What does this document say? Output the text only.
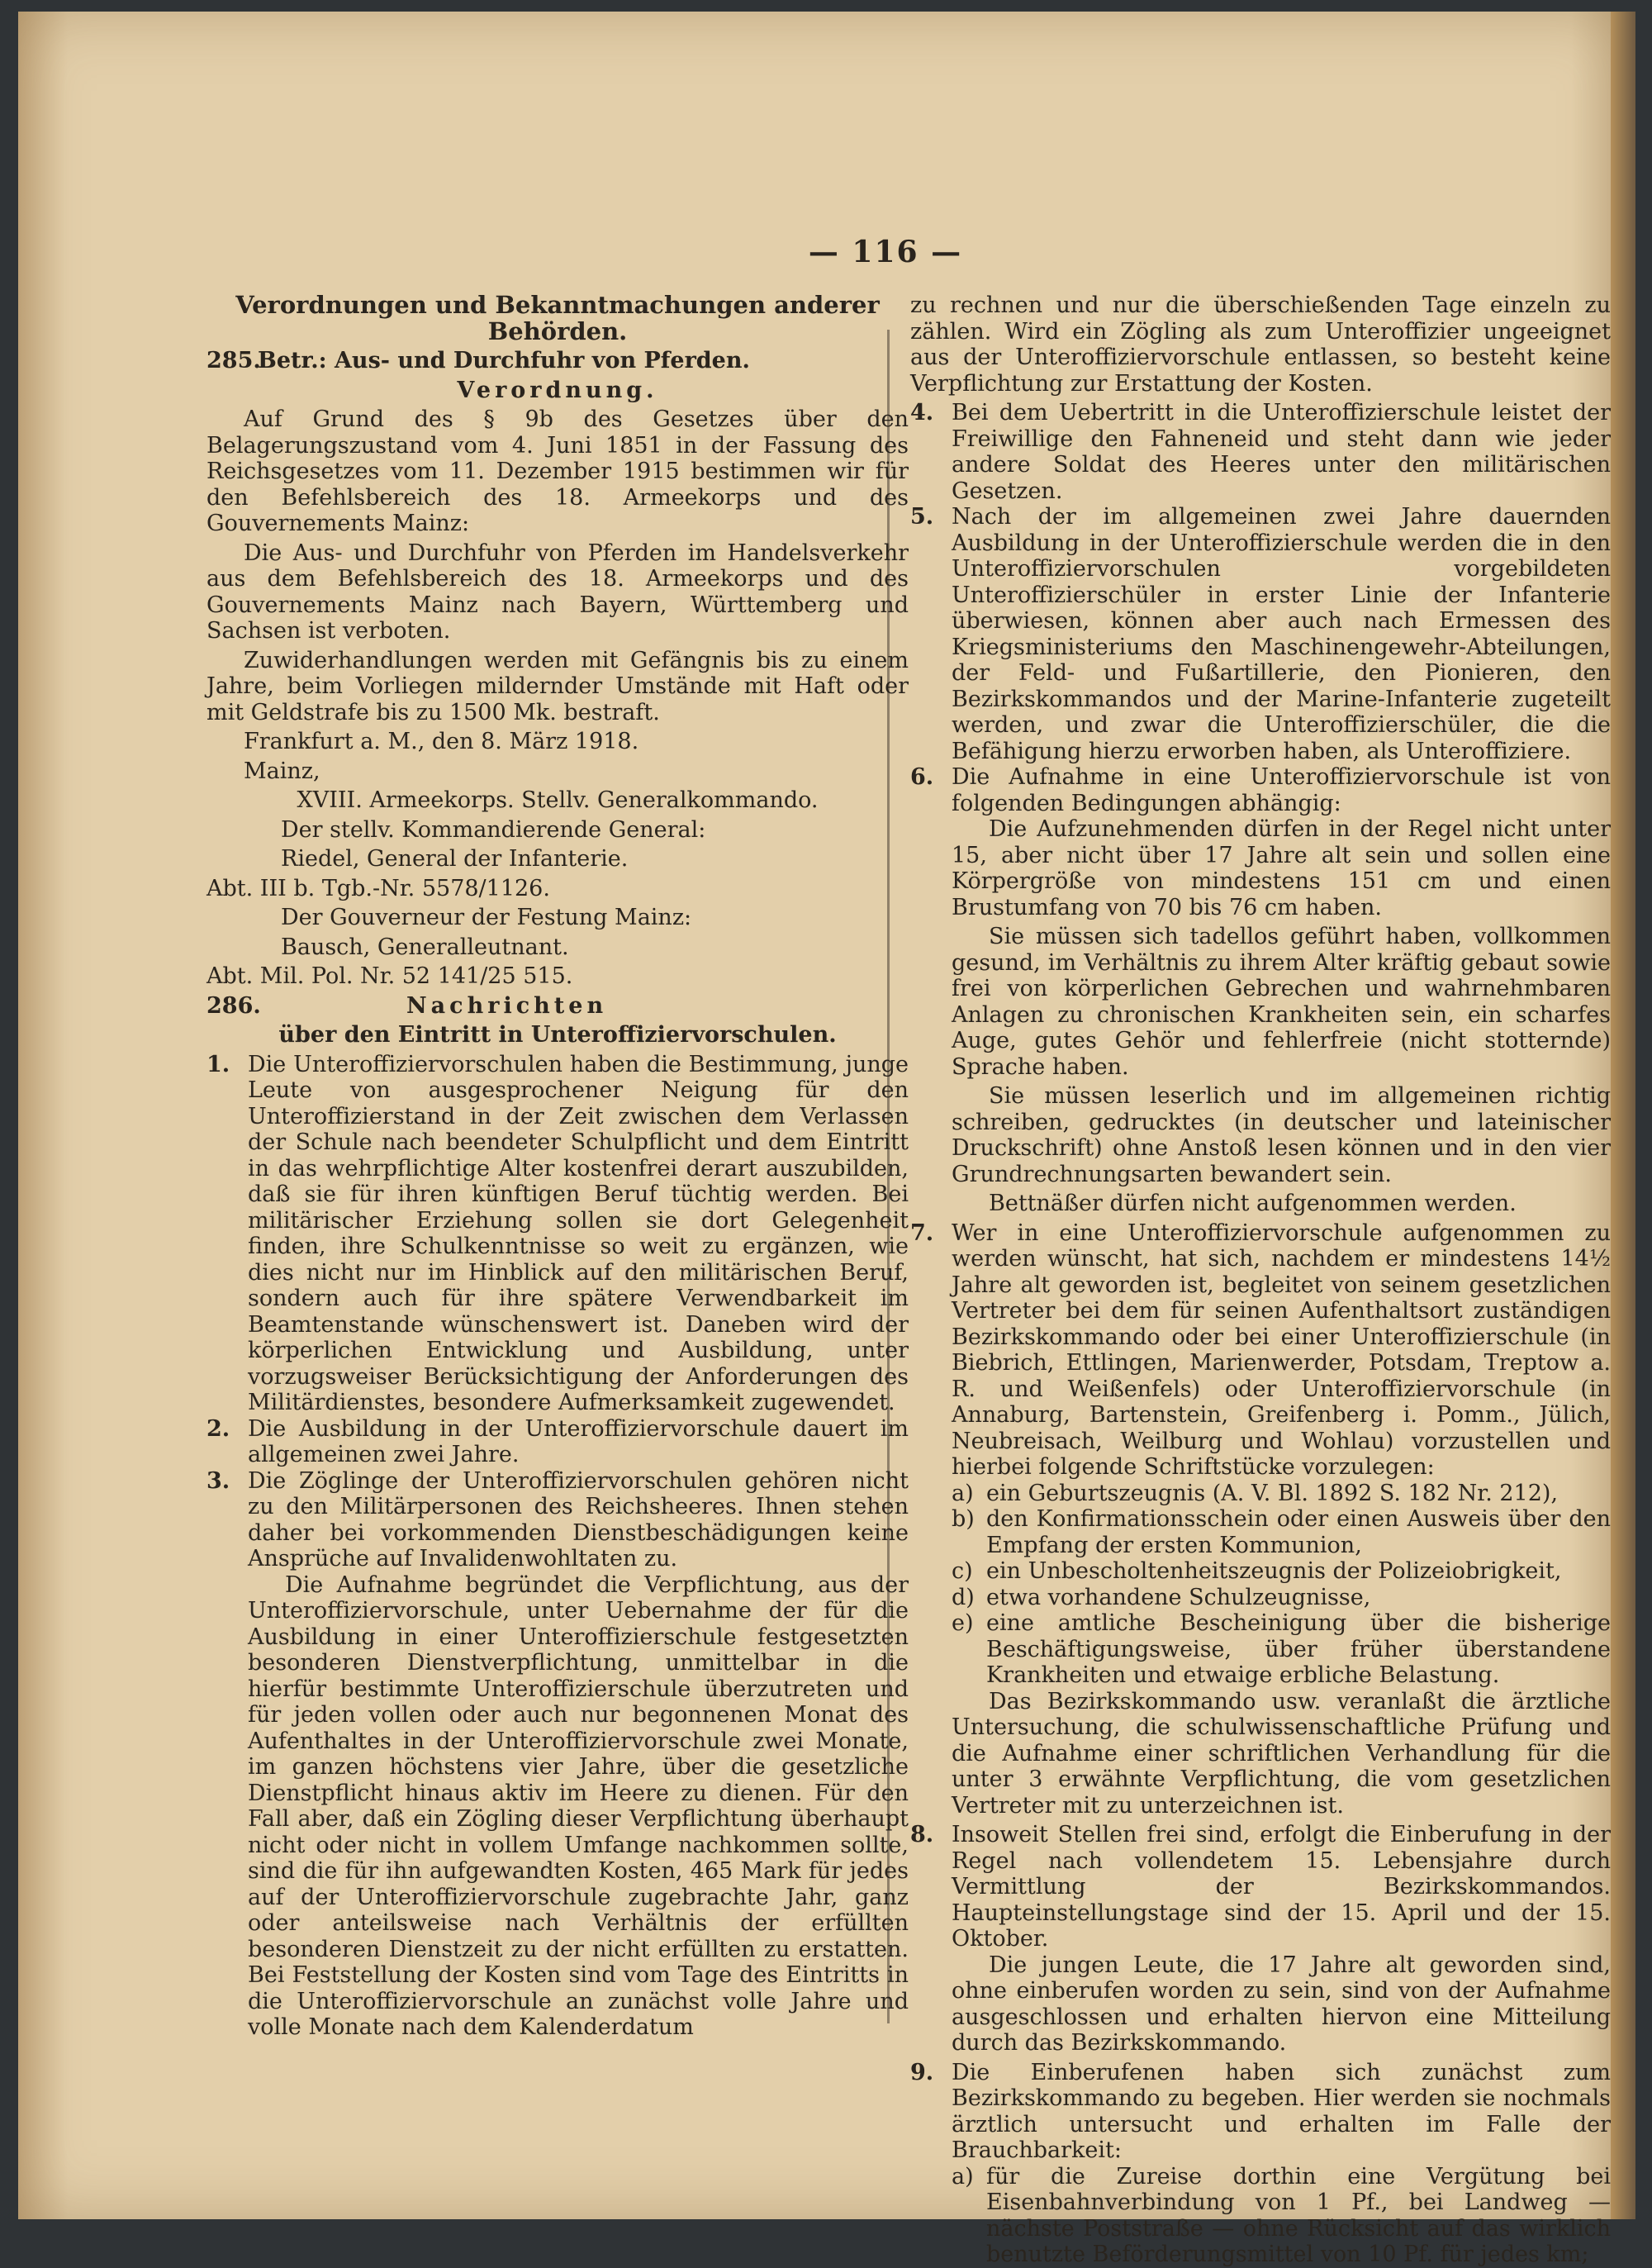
— 116 —

Verordnungen und Bekanntmachungen anderer Behörden.

285.Betr.: Aus- und Durchfuhr von Pferden.

Verordnung.

Auf Grund des § 9b des Gesetzes über den Belagerungszustand vom 4. Juni 1851 in der Fassung des Reichsgesetzes vom 11. Dezember 1915 bestimmen wir für den Befehlsbereich des 18. Armeekorps und des Gouvernements Mainz:

Die Aus- und Durchfuhr von Pferden im Handelsverkehr aus dem Befehlsbereich des 18. Armeekorps und des Gouvernements Mainz nach Bayern, Württemberg und Sachsen ist verboten.

Zuwiderhandlungen werden mit Gefängnis bis zu einem Jahre, beim Vorliegen mildernder Umstände mit Haft oder mit Geldstrafe bis zu 1500 Mk. bestraft.

Frankfurt a. M., den 8. März 1918.

Mainz,

XVIII. Armeekorps. Stellv. Generalkommando.

Der stellv. Kommandierende General:

Riedel, General der Infanterie.

Abt. III b. Tgb.-Nr. 5578/1126.

Der Gouverneur der Festung Mainz:

Bausch, Generalleutnant.

Abt. Mil. Pol. Nr. 52 141/25 515.

286.	Nachrichten

über den Eintritt in Unteroffiziervorschulen.

1. Die Unteroffiziervorschulen haben die Bestimmung, junge Leute von ausgesprochener Neigung für den Unteroffizierstand in der Zeit zwischen dem Verlassen der Schule nach beendeter Schulpflicht und dem Eintritt in das wehrpflichtige Alter kostenfrei derart auszubilden, daß sie für ihren künftigen Beruf tüchtig werden. Bei militärischer Erziehung sollen sie dort Gelegenheit finden, ihre Schulkenntnisse so weit zu ergänzen, wie dies nicht nur im Hinblick auf den militärischen Beruf, sondern auch für ihre spätere Verwendbarkeit im Beamtenstande wünschenswert ist. Daneben wird der körperlichen Entwicklung und Ausbildung, unter vorzugsweiser Berücksichtigung der Anforderungen des Militärdienstes, besondere Aufmerksamkeit zugewendet.
2. Die Ausbildung in der Unteroffiziervorschule dauert im allgemeinen zwei Jahre.
3. Die Zöglinge der Unteroffiziervorschulen gehören nicht zu den Militärpersonen des Reichsheeres. Ihnen stehen daher bei vorkommenden Dienstbeschädigungen keine Ansprüche auf Invalidenwohltaten zu.

Die Aufnahme begründet die Verpflichtung, aus der Unteroffiziervorschule, unter Uebernahme der für die Ausbildung in einer Unteroffizierschule festgesetzten besonderen Dienstverpflichtung, unmittelbar in die hierfür bestimmte Unteroffizierschule überzutreten und für jeden vollen oder auch nur begonnenen Monat des Aufenthaltes in der Unteroffiziervorschule zwei Monate, im ganzen höchstens vier Jahre, über die gesetzliche Dienstpflicht hinaus aktiv im Heere zu dienen. Für den Fall aber, daß ein Zögling dieser Verpflichtung überhaupt nicht oder nicht in vollem Umfange nachkommen sollte, sind die für ihn aufgewandten Kosten, 465 Mark für jedes auf der Unteroffiziervorschule zugebrachte Jahr, ganz oder anteilsweise nach Verhältnis der erfüllten besonderen Dienstzeit zu der nicht erfüllten zu erstatten. Bei Feststellung der Kosten sind vom Tage des Eintritts in die Unteroffiziervorschule an zunächst volle Jahre und volle Monate nach dem Kalenderdatum

zu rechnen und nur die überschießenden Tage einzeln zu zählen. Wird ein Zögling als zum Unteroffizier ungeeignet aus der Unteroffiziervorschule entlassen, so besteht keine Verpflichtung zur Erstattung der Kosten.

4. Bei dem Uebertritt in die Unteroffizierschule leistet der Freiwillige den Fahneneid und steht dann wie jeder andere Soldat des Heeres unter den militärischen Gesetzen.
5. Nach der im allgemeinen zwei Jahre dauernden Ausbildung in der Unteroffizierschule werden die in den Unteroffiziervorschulen vorgebildeten Unteroffizierschüler in erster Linie der Infanterie überwiesen, können aber auch nach Ermessen des Kriegsministeriums den Maschinengewehr-Abteilungen, der Feld- und Fußartillerie, den Pionieren, den Bezirkskommandos und der Marine-Infanterie zugeteilt werden, und zwar die Unteroffizierschüler, die die Befähigung hierzu erworben haben, als Unteroffiziere.
6. Die Aufnahme in eine Unteroffiziervorschule ist von folgenden Bedingungen abhängig:

Die Aufzunehmenden dürfen in der Regel nicht unter 15, aber nicht über 17 Jahre alt sein und sollen eine Körpergröße von mindestens 151 cm und einen Brustumfang von 70 bis 76 cm haben.

Sie müssen sich tadellos geführt haben, vollkommen gesund, im Verhältnis zu ihrem Alter kräftig gebaut sowie frei von körperlichen Gebrechen und wahrnehmbaren Anlagen zu chronischen Krankheiten sein, ein scharfes Auge, gutes Gehör und fehlerfreie (nicht stotternde) Sprache haben.

Sie müssen leserlich und im allgemeinen richtig schreiben, gedrucktes (in deutscher und lateinischer Druckschrift) ohne Anstoß lesen können und in den vier Grundrechnungsarten bewandert sein.

Bettnäßer dürfen nicht aufgenommen werden.

7. Wer in eine Unteroffiziervorschule aufgenommen zu werden wünscht, hat sich, nachdem er mindestens 14½ Jahre alt geworden ist, begleitet von seinem gesetzlichen Vertreter bei dem für seinen Aufenthaltsort zuständigen Bezirkskommando oder bei einer Unteroffizierschule (in Biebrich, Ettlingen, Marienwerder, Potsdam, Treptow a. R. und Weißenfels) oder Unteroffiziervorschule (in Annaburg, Bartenstein, Greifenberg i. Pomm., Jülich, Neubreisach, Weilburg und Wohlau) vorzustellen und hierbei folgende Schriftstücke vorzulegen:
a) ein Geburtszeugnis (A. V. Bl. 1892 S. 182 Nr. 212),
b) den Konfirmationsschein oder einen Ausweis über den Empfang der ersten Kommunion,
c) ein Unbescholtenheitszeugnis der Polizeiobrigkeit,
d) etwa vorhandene Schulzeugnisse,
e) eine amtliche Bescheinigung über die bisherige Beschäftigungsweise, über früher überstandene Krankheiten und etwaige erbliche Belastung.

Das Bezirkskommando usw. veranlaßt die ärztliche Untersuchung, die schulwissenschaftliche Prüfung und die Aufnahme einer schriftlichen Verhandlung für die unter 3 erwähnte Verpflichtung, die vom gesetzlichen Vertreter mit zu unterzeichnen ist.

8. Insoweit Stellen frei sind, erfolgt die Einberufung in der Regel nach vollendetem 15. Lebensjahre durch Vermittlung der Bezirkskommandos. Haupteinstellungstage sind der 15. April und der 15. Oktober.

Die jungen Leute, die 17 Jahre alt geworden sind, ohne einberufen worden zu sein, sind von der Aufnahme ausgeschlossen und erhalten hiervon eine Mitteilung durch das Bezirkskommando.

9. Die Einberufenen haben sich zunächst zum Bezirkskommando zu begeben. Hier werden sie nochmals ärztlich untersucht und erhalten im Falle der Brauchbarkeit:
a) für die Zureise dorthin eine Vergütung bei Eisenbahnverbindung von 1 Pf., bei Landweg — nächste Poststraße — ohne Rücksicht auf das wirklich benutzte Beförderungsmittel von 10 Pf. für jedes km;
